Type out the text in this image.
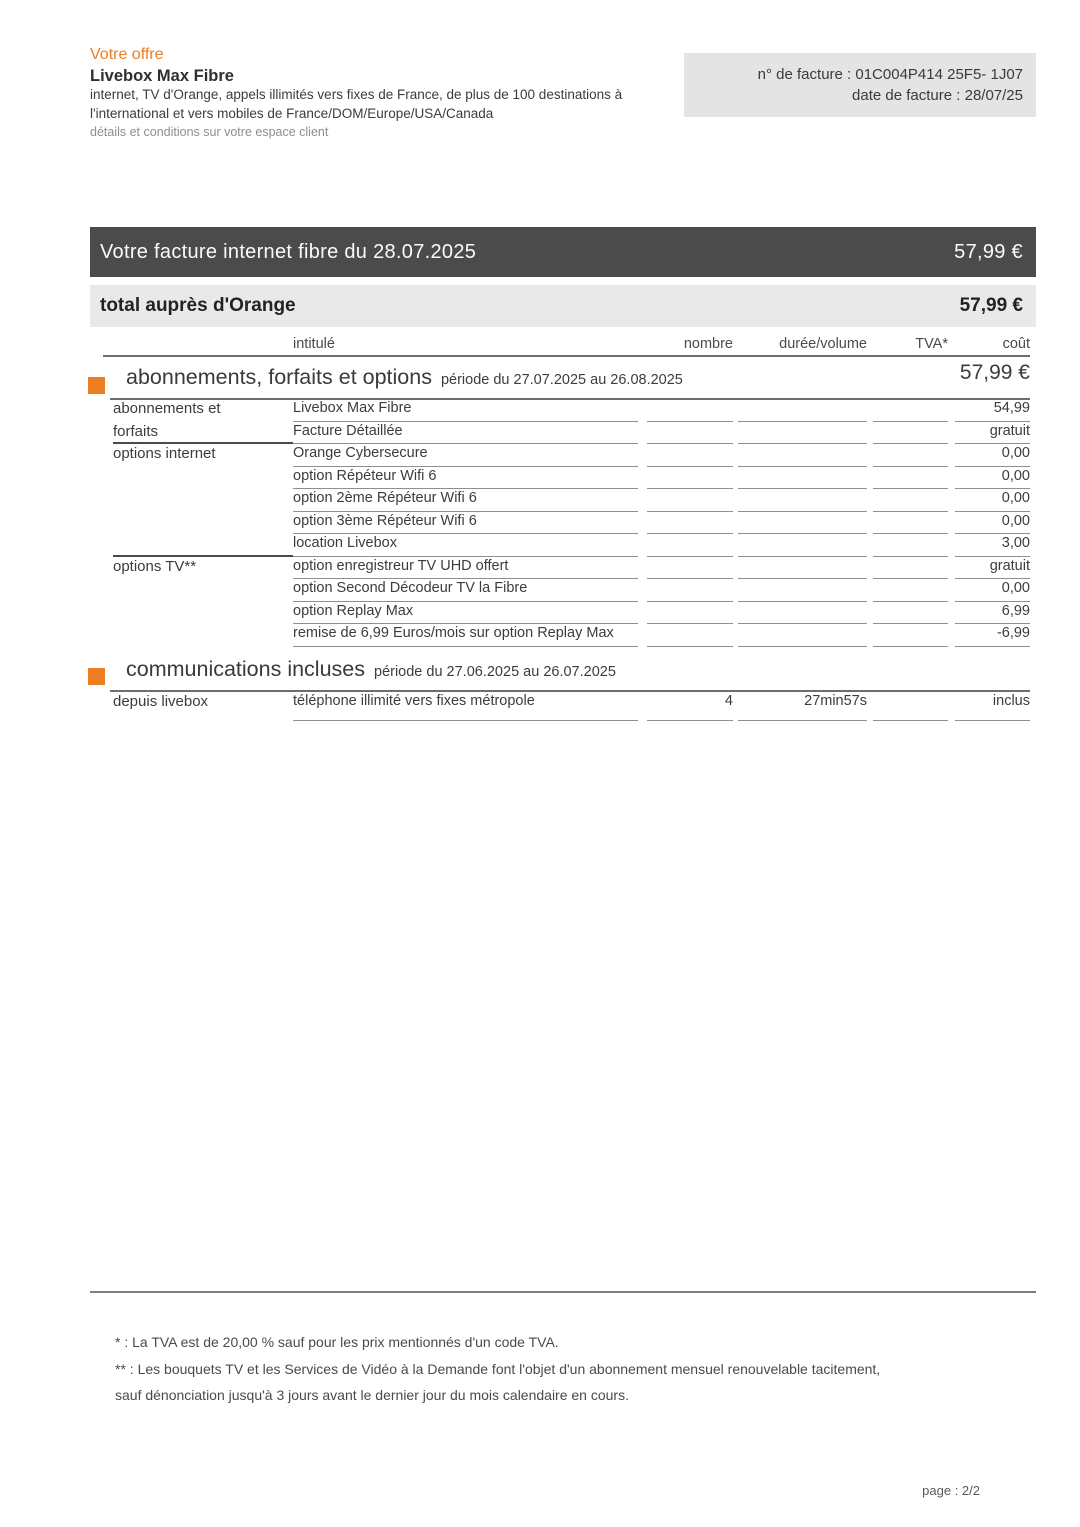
Votre offre
Livebox Max Fibre
internet, TV d'Orange, appels illimités vers fixes de France, de plus de 100 destinations à l'international et vers mobiles de France/DOM/Europe/USA/Canada
détails et conditions sur votre espace client
n° de facture : 01C004P414 25F5- 1J07
date de facture : 28/07/25
Votre facture internet fibre du 28.07.2025	57,99 €
total auprès d'Orange	57,99 €
intitulé	nombre	durée/volume	TVA*	coût
abonnements, forfaits et options période du 27.07.2025 au 26.08.2025	57,99 €
abonnements et	Livebox Max Fibre	54,99
forfaits	Facture Détaillée	gratuit
options internet	Orange Cybersecure	0,00
option Répéteur Wifi 6	0,00
option 2ème Répéteur Wifi 6	0,00
option 3ème Répéteur Wifi 6	0,00
location Livebox	3,00
options TV**	option enregistreur TV UHD offert	gratuit
option Second Décodeur TV la Fibre	0,00
option Replay Max	6,99
remise de 6,99 Euros/mois sur option Replay Max	-6,99
communications incluses période du 27.06.2025 au 26.07.2025
depuis livebox	téléphone illimité vers fixes métropole	4	27min57s	inclus
* : La TVA est de 20,00 % sauf pour les prix mentionnés d'un code TVA.
** : Les bouquets TV et les Services de Vidéo à la Demande font l'objet d'un abonnement mensuel renouvelable tacitement,
sauf dénonciation jusqu'à 3 jours avant le dernier jour du mois calendaire en cours.
page : 2/2
